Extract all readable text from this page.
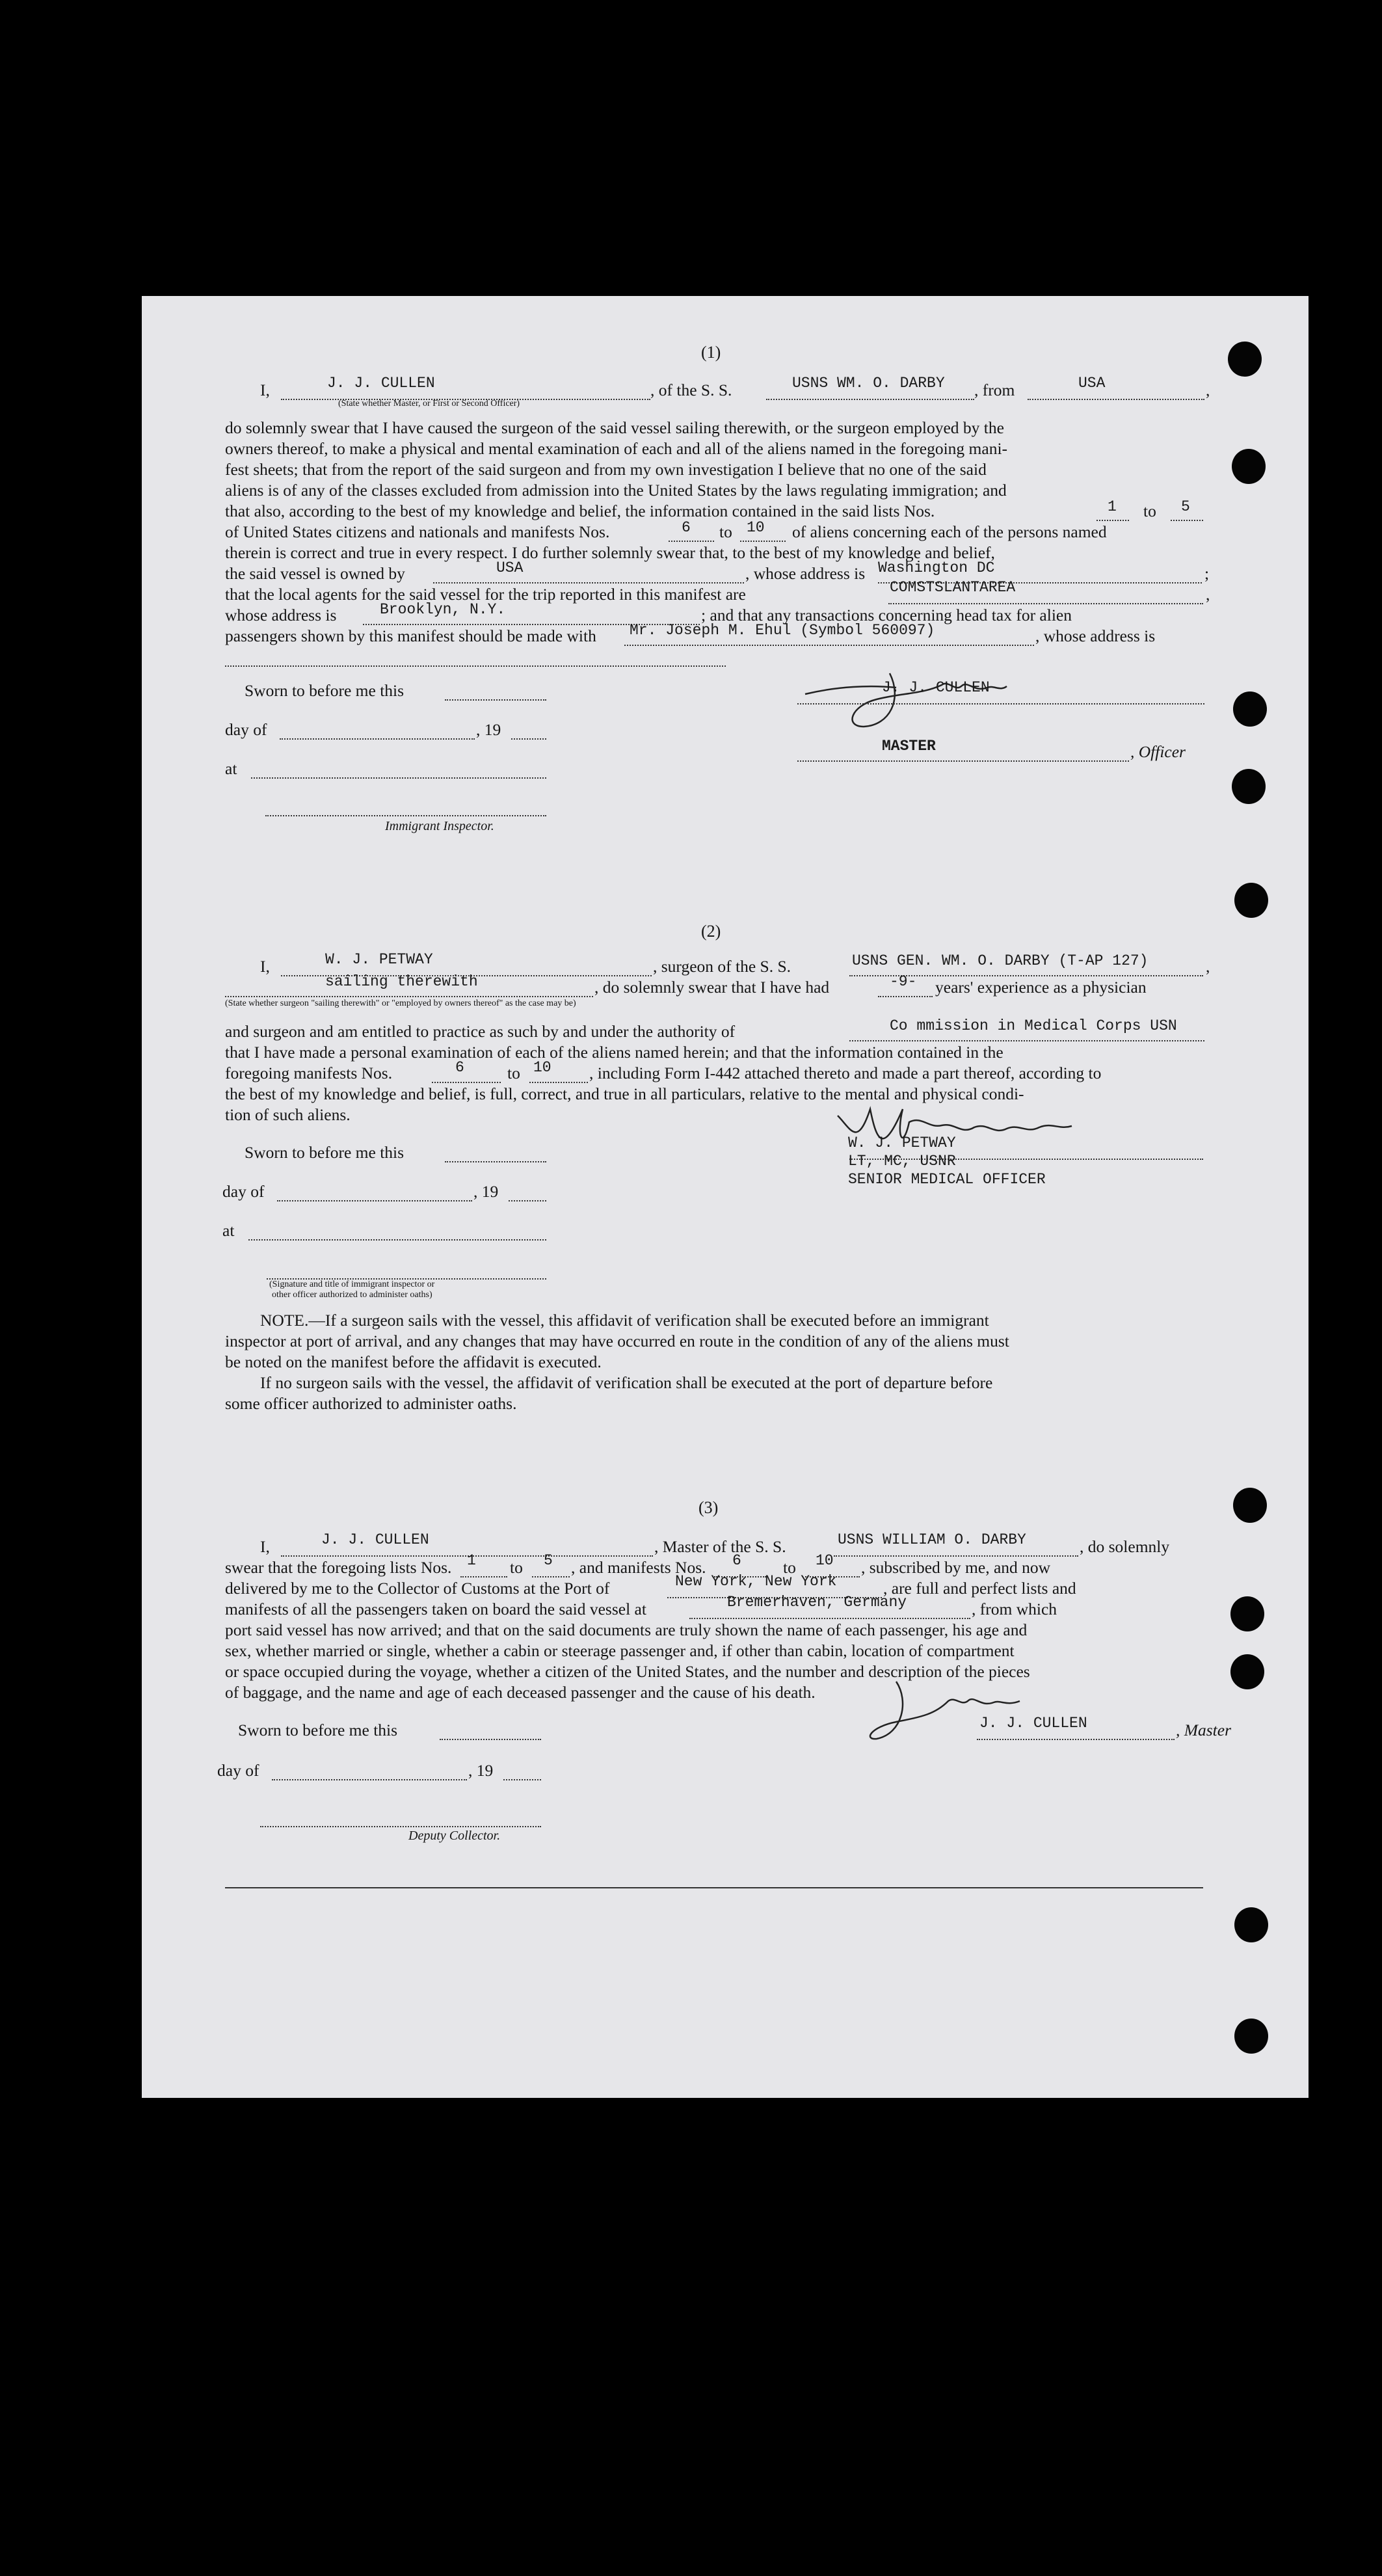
(1)
I,	J. J. CULLEN
(State whether Master, or First or Second Officer)
, of the S. S.	USNS WM. O. DARBY , from	USA	,
do solemnly swear that I have caused the surgeon of the said vessel sailing therewith, or the surgeon employed by the
owners thereof, to make a physical and mental examination of each and all of the aliens named in the foregoing mani-
fest sheets; that from the report of the said surgeon and from my own investigation I believe that no one of the said
aliens is of any of the classes excluded from admission into the United States by the laws regulating immigration; and
that also, according to the best of my knowledge and belief, the information contained in the said lists Nos.	1 to 5
of United States citizens and nationals and manifests Nos.	6 to 10 of aliens concerning each of the persons named
therein is correct and true in every respect. I do further solemnly swear that, to the best of my knowledge and belief,
the said vessel is owned by	USA	, whose address is Washington DC	;
that the local agents for the said vessel for the trip reported in this manifest are	COMSTSLANTAREA	,
whose address is	Brooklyn, N.Y.	; and that any transactions concerning head tax for alien
passengers shown by this manifest should be made with Mr. Joseph M. Ehul (Symbol 560097)	, whose address is
Sworn to before me this
day of	, 19
at
Immigrant Inspector.
J. J. CULLEN
MASTER	, Officer
(2)
I,	W. J. PETWAY	, surgeon of the S. S.	USNS GEN. WM. O. DARBY (T-AP 127)	,
sailing therewith	, do solemnly swear that I have had	-9- years' experience as a physician
(State whether surgeon "sailing therewith" or "employed by owners thereof" as the case may be)
and surgeon and am entitled to practice as such by and under the authority of	Co mmission in Medical Corps USN
that I have made a personal examination of each of the aliens named herein; and that the information contained in the
foregoing manifests Nos.	6	to 10 , including Form I-442 attached thereto and made a part thereof, according to
the best of my knowledge and belief, is full, correct, and true in all particulars, relative to the mental and physical condi-
tion of such aliens.
Sworn to before me this
day of	, 19
at
(Signature and title of immigrant inspector or
other officer authorized to administer oaths)
W. J. PETWAY
LT, MC, USNR
SENIOR MEDICAL OFFICER
NOTE.—If a surgeon sails with the vessel, this affidavit of verification shall be executed before an immigrant
inspector at port of arrival, and any changes that may have occurred en route in the condition of any of the aliens must
be noted on the manifest before the affidavit is executed.
If no surgeon sails with the vessel, the affidavit of verification shall be executed at the port of departure before
some officer authorized to administer oaths.
(3)
I,	J. J. CULLEN	, Master of the S. S.	USNS WILLIAM O. DARBY	, do solemnly
swear that the foregoing lists Nos. 1 to 5 , and manifests Nos. 6	to 10 , subscribed by me, and now
delivered by me to the Collector of Customs at the Port of	New York, New York	, are full and perfect lists and
manifests of all the passengers taken on board the said vessel at	Bremerhaven, Germany	, from which
port said vessel has now arrived; and that on the said documents are truly shown the name of each passenger, his age and
sex, whether married or single, whether a cabin or steerage passenger and, if other than cabin, location of compartment
or space occupied during the voyage, whether a citizen of the United States, and the number and description of the pieces
of baggage, and the name and age of each deceased passenger and the cause of his death.
Sworn to before me this
day of	, 19
Deputy Collector.
J. J. CULLEN	, Master
